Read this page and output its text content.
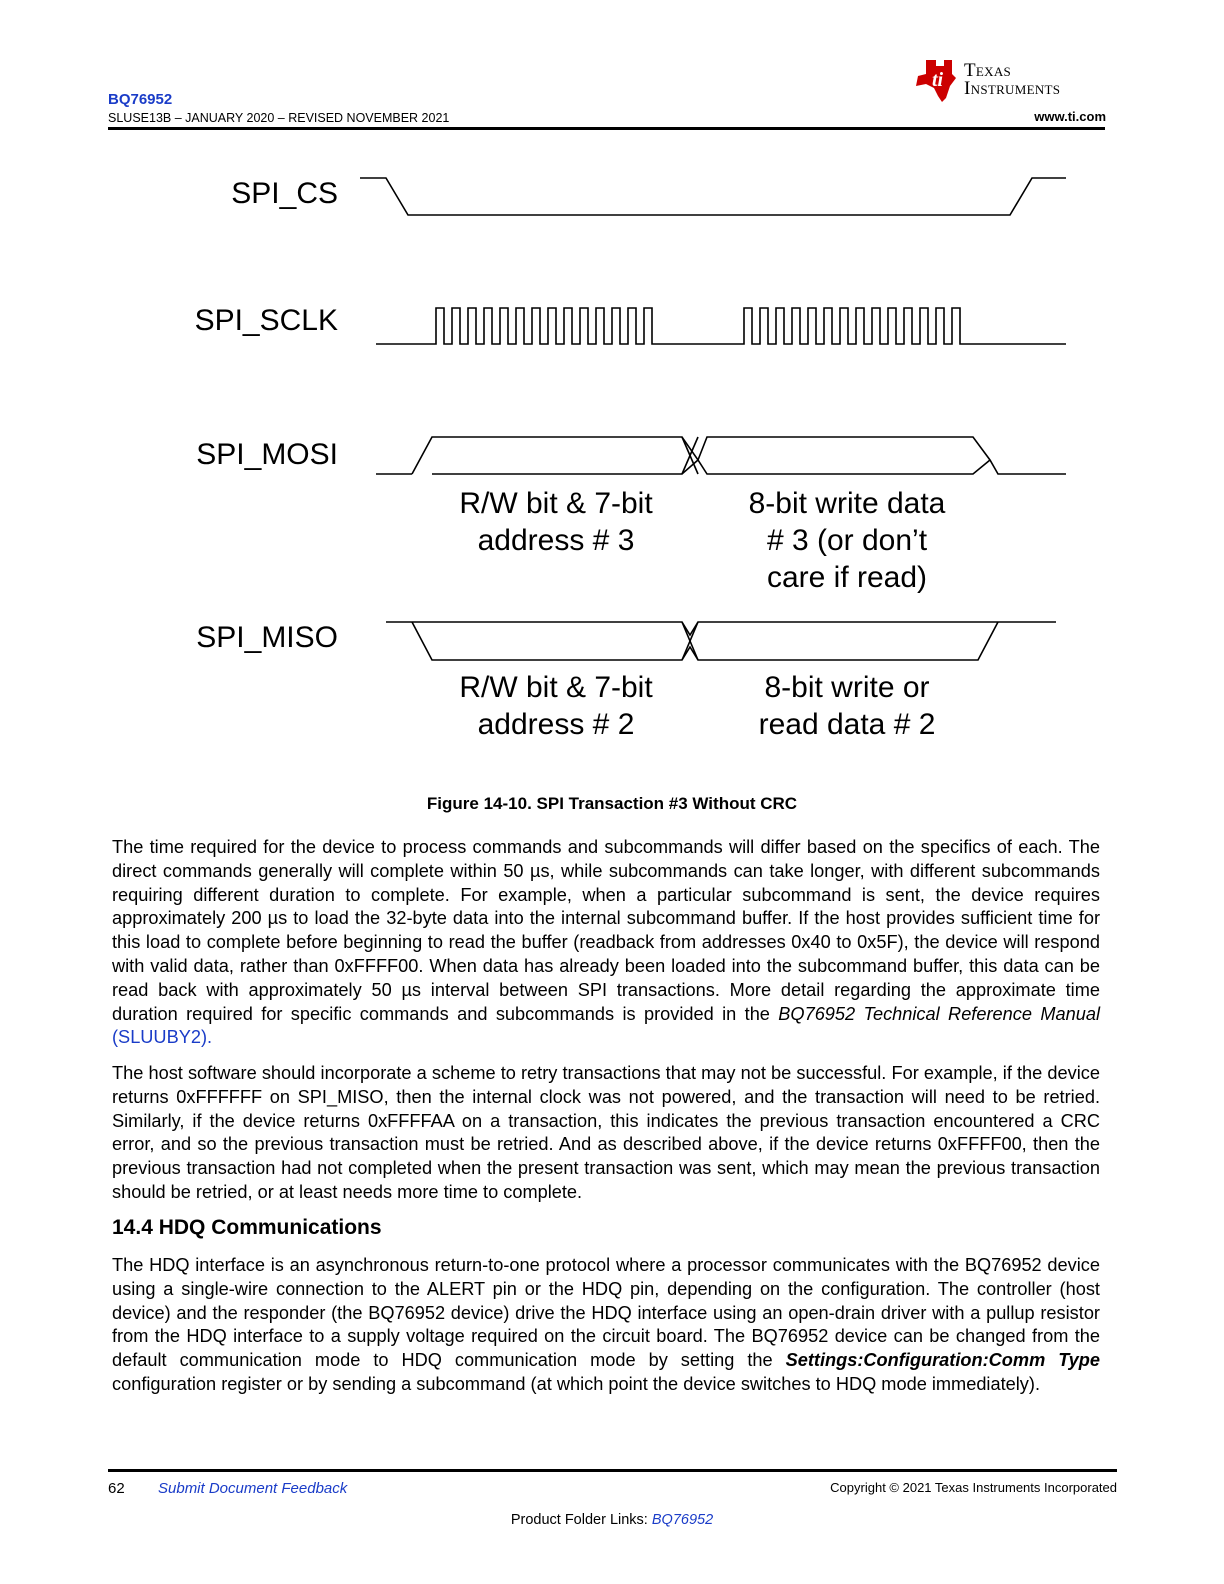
BQ76952
SLUSE13B – JANUARY 2020 – REVISED NOVEMBER 2021
ti Texas
Instruments
www.ti.com
SPI_CS
SPI_SCLK
SPI_MOSI
SPI_MISO
R/W bit & 7-bit
address # 3
8-bit write data
# 3 (or don’t
care if read)
R/W bit & 7-bit
address # 2
8-bit write or
read data # 2
Figure 14-10. SPI Transaction #3 Without CRC

The time required for the device to process commands and subcommands will differ based on the specifics of each. The direct commands generally will complete within 50 µs, while subcommands can take longer, with different subcommands requiring different duration to complete. For example, when a particular subcommand is sent, the device requires approximately 200 µs to load the 32-byte data into the internal subcommand buffer. If the host provides sufficient time for this load to complete before beginning to read the buffer (readback from addresses 0x40 to 0x5F), the device will respond with valid data, rather than 0xFFFF00. When data has already been loaded into the subcommand buffer, this data can be read back with approximately 50 µs interval between SPI transactions. More detail regarding the approximate time duration required for specific commands and subcommands is provided in the BQ76952 Technical Reference Manual (SLUUBY2).

The host software should incorporate a scheme to retry transactions that may not be successful. For example, if the device returns 0xFFFFFF on SPI_MISO, then the internal clock was not powered, and the transaction will need to be retried. Similarly, if the device returns 0xFFFFAA on a transaction, this indicates the previous transaction encountered a CRC error, and so the previous transaction must be retried. And as described above, if the device returns 0xFFFF00, then the previous transaction had not completed when the present transaction was sent, which may mean the previous transaction should be retried, or at least needs more time to complete.

14.4 HDQ Communications

The HDQ interface is an asynchronous return-to-one protocol where a processor communicates with the BQ76952 device using a single-wire connection to the ALERT pin or the HDQ pin, depending on the configuration. The controller (host device) and the responder (the BQ76952 device) drive the HDQ interface using an open-drain driver with a pullup resistor from the HDQ interface to a supply voltage required on the circuit board. The BQ76952 device can be changed from the default communication mode to HDQ communication mode by setting the Settings:Configuration:Comm Type configuration register or by sending a subcommand (at which point the device switches to HDQ mode immediately).

62 Submit Document Feedback	Copyright © 2021 Texas Instruments Incorporated
Product Folder Links: BQ76952
